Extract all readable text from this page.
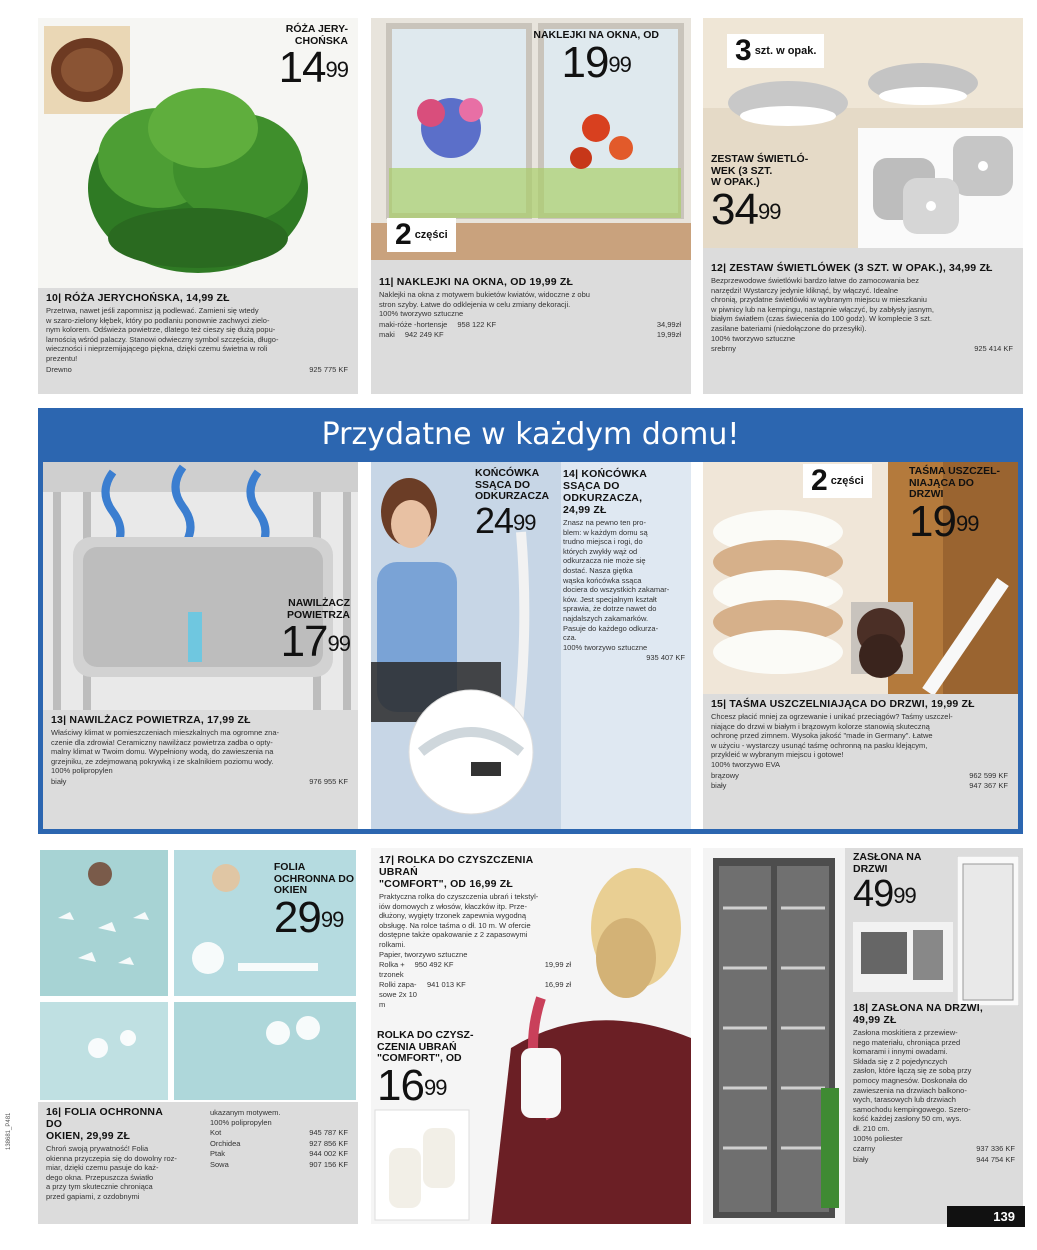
RÓŻA JERY-
CHOŃSKA
$14^{99}$
10| RÓŻA JERYCHOŃSKA, 14,99 ZŁ
Przetrwa, nawet jeśli zapomnisz ją podlewać. Zamieni się wtedy
w szaro-zielony kłębek, który po podlaniu ponownie zachwyci zielo-
nym kolorem. Odświeża powietrze, dlatego też cieszy się dużą popu-
larnością wśród palaczy. Stanowi odwieczny symbol szczęścia, długo-
wieczności i nieprzemijającego piękna, dzięki czemu świetna w roli
prezentu!
Drewno	925 775 KF
NAKLEJKI NA OKNA, OD
$19^{99}$
2 części
11| NAKLEJKI NA OKNA, OD 19,99 ZŁ
Naklejki na okna z motywem bukietów kwiatów, widoczne z obu
stron szyby. Łatwe do odklejenia w celu zmiany dekoracji.
100% tworzywo sztuczne
maki-róże -hortensje	958 122 KF	34,99zł
maki	942 249 KF	19,99zł
3 szt. w opak.
ZESTAW ŚWIETLÓ-
WEK (3 SZT.
W OPAK.)
$34^{99}$
12| ZESTAW ŚWIETLÓWEK (3 SZT. W OPAK.), 34,99 ZŁ
Bezprzewodowe świetlówki bardzo łatwe do zamocowania bez
narzędzi! Wystarczy jedynie kliknąć, by włączyć. Idealne
chronią, przydatne świetlówki w wybranym miejscu w mieszkaniu
w piwnicy lub na kempingu, nastąpnie włączyć, by zabłysły jasnym,
białym światłem (czas świecenia do 100 godz). W komplecie 3 szt.
zasilane bateriami (niedołączone do przesyłki).
100% tworzywo sztuczne
srebrny	925 414 KF
Przydatne w każdym domu!
NAWILŻACZ
POWIETRZA
$17^{99}$
13| NAWILŻACZ POWIETRZA, 17,99 ZŁ
Właściwy klimat w pomieszczeniach mieszkalnych ma ogromne zna-
czenie dla zdrowia! Ceramiczny nawilżacz powietrza zadba o opty-
malny klimat w Twoim domu. Wypełniony wodą, do zawieszenia na
grzejniku, ze zdejmowaną pokrywką i ze skalnikiem poziomu wody.
100% polipropylen
biały	976 955 KF
KOŃCÓWKA
SSĄCA DO
ODKURZACZA
$24^{99}$
14| KOŃCÓWKA
SSĄCA DO
ODKURZACZA,
24,99 ZŁ
Znasz na pewno ten pro-
blem: w każdym domu są
trudno miejsca i rogi, do
których zwykły wąż od
odkurzacza nie może się
dostać. Nasza giętka
wąska końcówka ssąca
dociera do wszystkich zakamar-
ków. Jest specjalnym kształt
sprawia, że dotrze nawet do
najdalszych zakamarków.
Pasuje do każdego odkurza-
cza.
100% tworzywo sztuczne
935 407 KF
2 części
TAŚMA USZCZEL-
NIAJĄCA DO
DRZWI
$19^{99}$
15| TAŚMA USZCZELNIAJĄCA DO DRZWI, 19,99 ZŁ
Chcesz płacić mniej za ogrzewanie i unikać przeciągów? Taśmy uszczel-
niające do drzwi w białym i brązowym kolorze stanowią skuteczną
ochronę przed zimnem. Wysoka jakość "made in Germany". Łatwe
w użyciu - wystarczy usunąć taśmę ochronną na pasku klejącym,
przykleić w wybranym miejscu i gotowe!
100% tworzywo EVA
brązowy	962 599 KF
biały	947 367 KF
FOLIA
OCHRONNA DO
OKIEN
$29^{99}$
16| FOLIA OCHRONNA DO
OKIEN, 29,99 ZŁ
Chroń swoją prywatność! Folia
okienna przyczepia się do dowolny roz-
miar, dzięki czemu pasuje do każ-
dego okna. Przepuszcza światło
a przy tym skutecznie chroniąca
przed gapiami, z ozdobnymi
ukazanym motywem.
100% polipropylen
Kot	945 787 KF
Orchidea	927 856 KF
Ptak	944 002 KF
Sowa	907 156 KF
17| ROLKA DO CZYSZCZENIA UBRAŃ
"COMFORT", OD 16,99 ZŁ
Praktyczna rolka do czyszczenia ubrań i tekstyl-
iów domowych z włosów, kłaczków itp. Prze-
dłużony, wygięty trzonek zapewnia wygodną
obsługę. Na rolce taśma o dł. 10 m. W ofercie
dostępne także opakowanie z 2 zapasowymi
rolkami.
Papier, tworzywo sztuczne
Rolka +
trzonek
950 492 KF	19,99 zł
Rolki zapa-
sowe 2x 10
m
941 013 KF	16,99 zł
ROLKA DO CZYSZ-
CZENIA UBRAŃ
"COMFORT", OD
$16^{99}$
ZASŁONA NA
DRZWI
$49^{99}$
18| ZASŁONA NA DRZWI,
49,99 ZŁ
Zasłona moskitiera z przewiew-
nego materiału, chroniąca przed
komarami i innymi owadami.
Składa się z 2 pojedynczych
zasłon, które łączą się ze sobą przy
pomocy magnesów. Doskonała do
zawieszenia na drzwiach balkono-
wych, tarasowych lub drzwiach
samochodu kempingowego. Szero-
kość każdej zasłony 50 cm, wys.
dł. 210 cm.
100% poliester
czarny	937 336 KF
biały	944 754 KF
138681_P481
139
